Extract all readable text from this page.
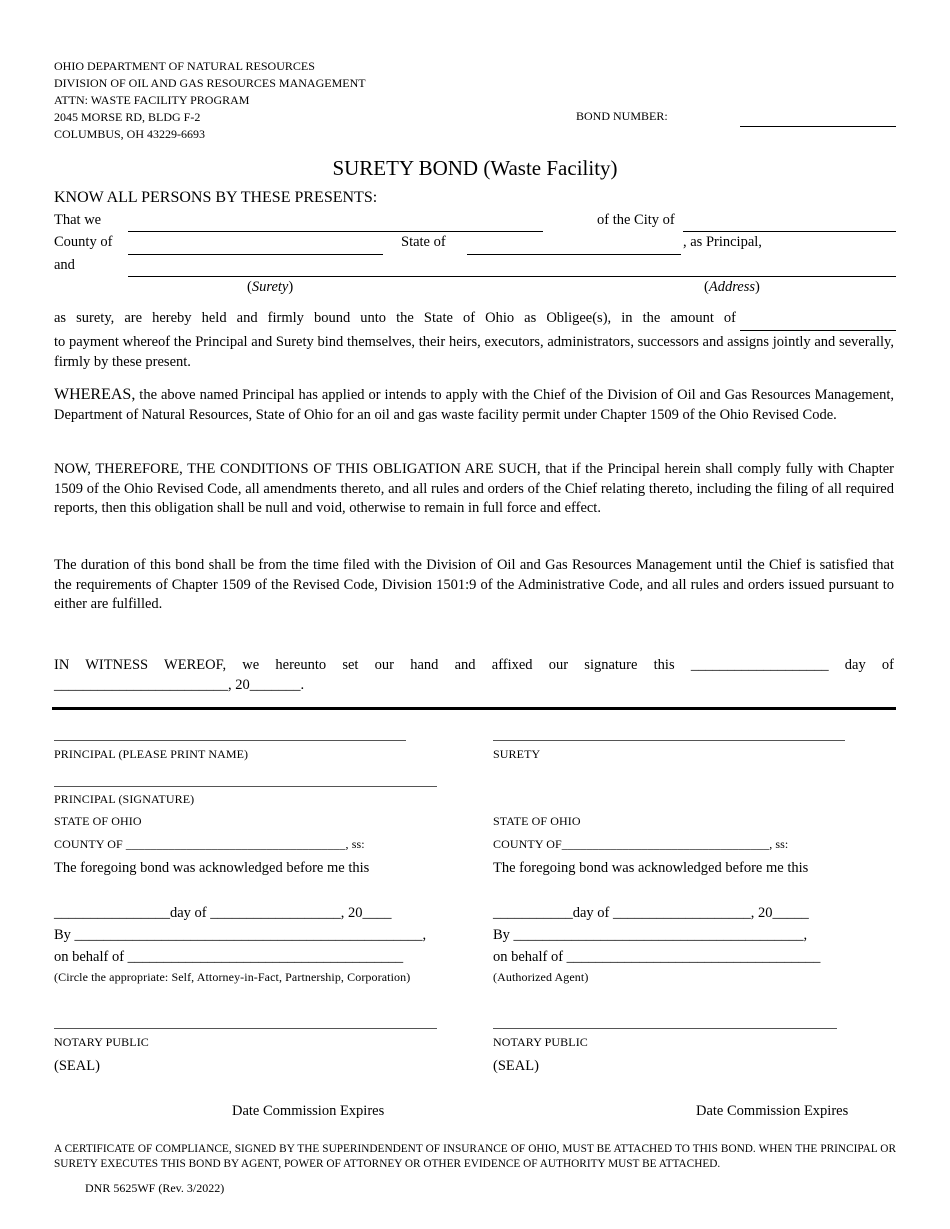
OHIO DEPARTMENT OF NATURAL RESOURCES
DIVISION OF OIL AND GAS RESOURCES MANAGEMENT
ATTN: WASTE FACILITY PROGRAM
2045 MORSE RD, BLDG F-2
COLUMBUS, OH 43229-6693
BOND NUMBER:
SURETY BOND (Waste Facility)
KNOW ALL PERSONS BY THESE PRESENTS:
That we	of the City of
County of	State of	, as Principal,
and
(Surety)	(Address)
as surety, are hereby held and firmly bound unto the State of Ohio as Obligee(s), in the amount of
to payment whereof the Principal and Surety bind themselves, their heirs, executors, administrators, successors and assigns jointly and severally, firmly by these present.
WHEREAS, the above named Principal has applied or intends to apply with the Chief of the Division of Oil and Gas Resources Management, Department of Natural Resources, State of Ohio for an oil and gas waste facility permit under Chapter 1509 of the Ohio Revised Code.
NOW, THEREFORE, THE CONDITIONS OF THIS OBLIGATION ARE SUCH, that if the Principal herein shall comply fully with Chapter 1509 of the Ohio Revised Code, all amendments thereto, and all rules and orders of the Chief relating thereto, including the filing of all required reports, then this obligation shall be null and void, otherwise to remain in full force and effect.
The duration of this bond shall be from the time filed with the Division of Oil and Gas Resources Management until the Chief is satisfied that the requirements of Chapter 1509 of the Revised Code, Division 1501:9 of the Administrative Code, and all rules and orders issued pursuant to either are fulfilled.
IN WITNESS WEREOF, we hereunto set our hand and affixed our signature this ___________________ day of
________________________, 20_______.
PRINCIPAL (PLEASE PRINT NAME)
PRINCIPAL (SIGNATURE)
STATE OF OHIO
COUNTY OF ____________________________________, ss:
The foregoing bond was acknowledged before me this
________________day of __________________, 20____
By ________________________________________________,
on behalf of ______________________________________
(Circle the appropriate: Self, Attorney-in-Fact, Partnership, Corporation)
NOTARY PUBLIC
(SEAL)
Date Commission Expires
SURETY
STATE OF OHIO
COUNTY OF__________________________________, ss:
The foregoing bond was acknowledged before me this
___________day of ___________________, 20_____
By ________________________________________,
on behalf of ___________________________________
(Authorized Agent)
NOTARY PUBLIC
(SEAL)
Date Commission Expires
A CERTIFICATE OF COMPLIANCE, SIGNED BY THE SUPERINDENDENT OF INSURANCE OF OHIO, MUST BE ATTACHED TO THIS BOND. WHEN THE PRINCIPAL OR SURETY EXECUTES THIS BOND BY AGENT, POWER OF ATTORNEY OR OTHER EVIDENCE OF AUTHORITY MUST BE ATTACHED.
DNR 5625WF (Rev. 3/2022)
